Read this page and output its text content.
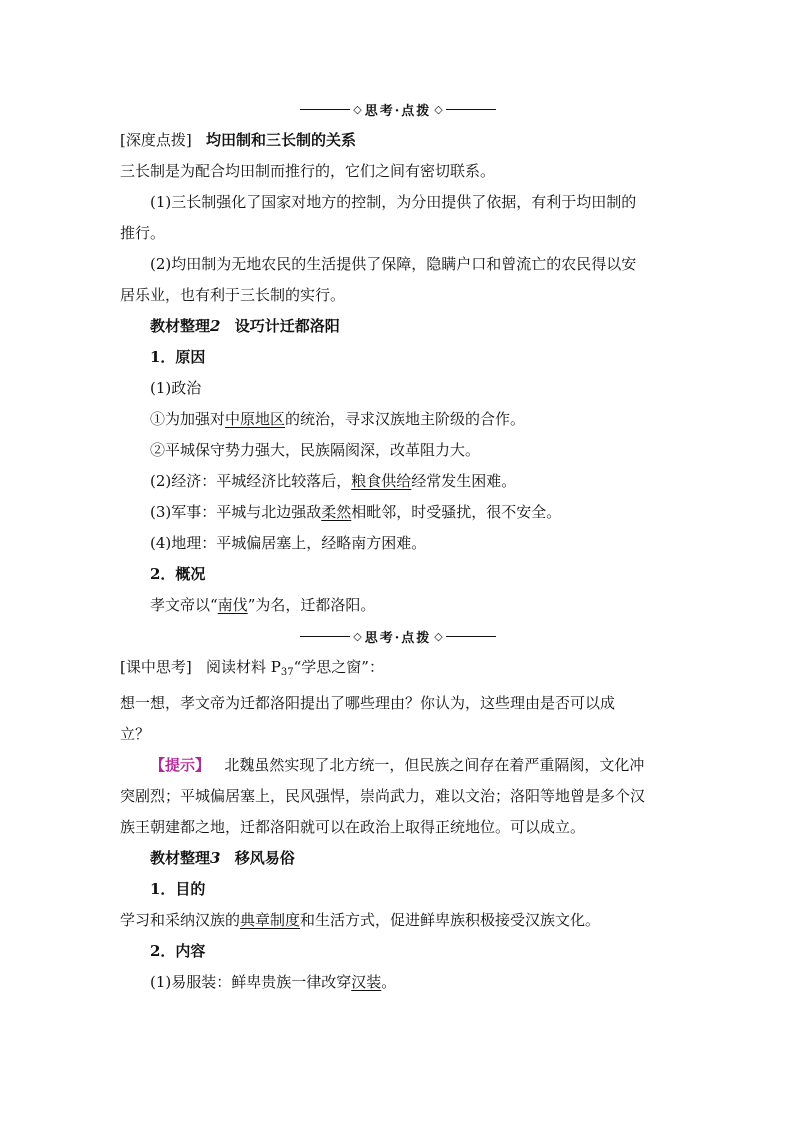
◇ 思考·点拨 ◇
[深度点拨] 均田制和三长制的关系
三长制是为配合均田制而推行的，它们之间有密切联系。
(1)三长制强化了国家对地方的控制，为分田提供了依据，有利于均田制的
推行。
(2)均田制为无地农民的生活提供了保障，隐瞒户口和曾流亡的农民得以安
居乐业，也有利于三长制的实行。
教材整理2 设巧计迁都洛阳
1．原因
(1)政治
①为加强对中原地区的统治，寻求汉族地主阶级的合作。
②平城保守势力强大，民族隔阂深，改革阻力大。
(2)经济：平城经济比较落后，粮食供给经常发生困难。
(3)军事：平城与北边强敌柔然相毗邻，时受骚扰，很不安全。
(4)地理：平城偏居塞上，经略南方困难。
2．概况
孝文帝以“南伐”为名，迁都洛阳。
◇ 思考·点拨 ◇
[课中思考] 阅读材料 $P_{37}“$学思之窗”：
想一想，孝文帝为迁都洛阳提出了哪些理由？你认为，这些理由是否可以成
立？
【提示】 北魏虽然实现了北方统一，但民族之间存在着严重隔阂，文化冲
突剧烈；平城偏居塞上，民风强悍，崇尚武力，难以文治；洛阳等地曾是多个汉
族王朝建都之地，迁都洛阳就可以在政治上取得正统地位。可以成立。
教材整理3 移风易俗
1．目的
学习和采纳汉族的典章制度和生活方式，促进鲜卑族积极接受汉族文化。
2．内容
(1)易服装：鲜卑贵族一律改穿汉装。
